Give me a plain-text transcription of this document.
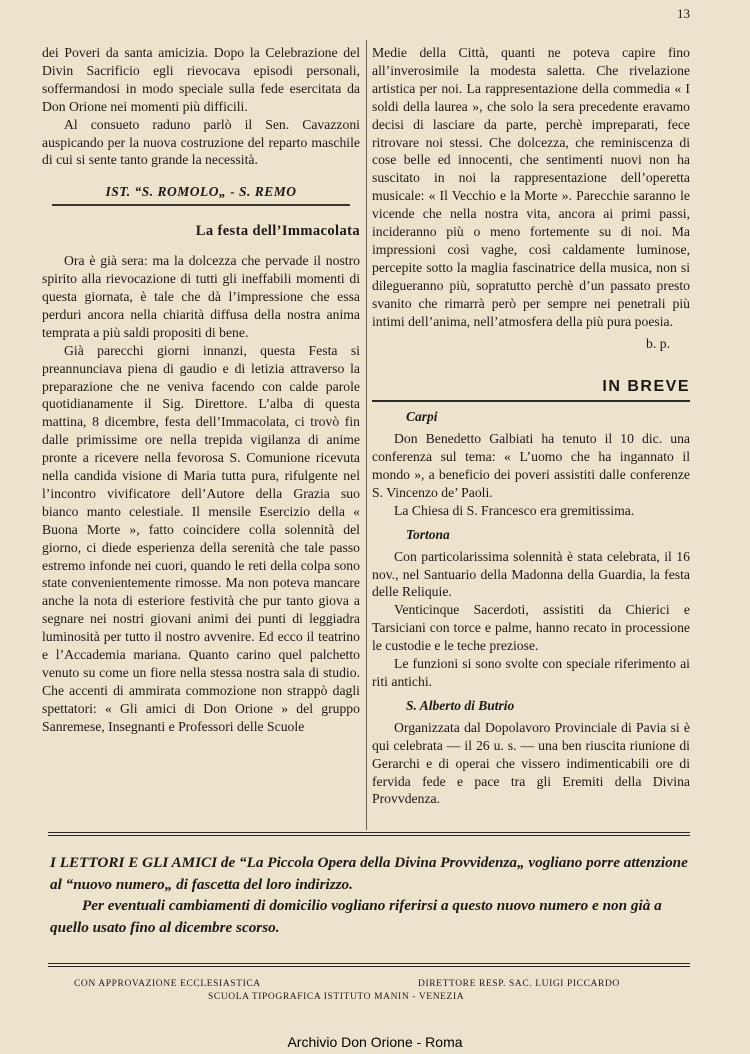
13

dei Poveri da santa amicizia. Dopo la Celebrazione del Divin Sacrificio egli rievocava episodi personali, soffermandosi in modo speciale sulla fede esercitata da Don Orione nei momenti più difficili.

Al consueto raduno parlò il Sen. Cavazzoni auspicando per la nuova costruzione del reparto maschile di cui si sente tanto grande la necessità.

IST. “S. ROMOLO„ - S. REMO
La festa dell’Immacolata

Ora è già sera: ma la dolcezza che pervade il nostro spirito alla rievocazione di tutti gli ineffabili momenti di questa giornata, è tale che dà l’impressione che essa perduri ancora nella chiarità diffusa della nostra anima temprata a più saldi propositi di bene.

Già parecchi giorni innanzi, questa Festa si preannunciava piena di gaudio e di letizia attraverso la preparazione che ne veniva facendo con calde parole quotidianamente il Sig. Direttore. L’alba di questa mattina, 8 dicembre, festa dell’Immacolata, ci trovò fin dalle primissime ore nella trepida vigilanza di anime pronte a ricevere nella fevorosa S. Comunione ricevuta nella candida visione di Maria tutta pura, rifulgente nel l’incontro vivificatore dell’Autore della Grazia suo bianco manto celestiale. Il mensile Esercizio della « Buona Morte », fatto coincidere colla solennità del giorno, ci diede esperienza della serenità che tale passo estremo infonde nei cuori, quando le reti della colpa sono state convenientemente rimosse. Ma non poteva mancare anche la nota di esteriore festività che pur tanto giova a segnare nei nostri giovani animi dei punti di leggiadra luminosità per tutto il nostro avvenire. Ed ecco il teatrino e l’Accademia mariana. Quanto carino quel palchetto venuto su come un fiore nella stessa nostra sala di studio. Che accenti di ammirata commozione non strappò dagli spettatori: « Gli amici di Don Orione » del gruppo Sanremese, Insegnanti e Professori delle Scuole

Medie della Città, quanti ne poteva capire fino all’inverosimile la modesta saletta. Che rivelazione artistica per noi. La rappresentazione della commedia « I soldi della laurea », che solo la sera precedente eravamo decisi di lasciare da parte, perchè impreparati, fece ritrovare noi stessi. Che dolcezza, che reminiscenza di cose belle ed innocenti, che sentimenti nuovi non ha suscitato in noi la rappresentazione dell’operetta musicale: « Il Vecchio e la Morte ». Parecchie saranno le vicende che nella nostra vita, ancora ai primi passi, incideranno più o meno fortemente su di noi. Ma impressioni così vaghe, così caldamente luminose, percepite sotto la maglia fascinatrice della musica, non si dilegueranno più, sopratutto perchè d’un passato presto svanito che rimarrà però per sempre nei penetrali più intimi dell’anima, nell’atmosfera della più pura poesia.

b. p.
IN BREVE
Carpi

Don Benedetto Galbiati ha tenuto il 10 dic. una conferenza sul tema: « L’uomo che ha ingannato il mondo », a beneficio dei poveri assistiti dalle conferenze S. Vincenzo de’ Paoli.

La Chiesa di S. Francesco era gremitissima.

Tortona

Con particolarissima solennità è stata celebrata, il 16 nov., nel Santuario della Madonna della Guardia, la festa delle Reliquie.

Venticinque Sacerdoti, assistiti da Chierici e Tarsiciani con torce e palme, hanno recato in processione le custodie e le teche preziose.

Le funzioni si sono svolte con speciale riferimento ai riti antichi.

S. Alberto di Butrio

Organizzata dal Dopolavoro Provinciale di Pavia si è qui celebrata — il 26 u. s. — una ben riuscita riunione di Gerarchi e di operai che vissero indimenticabili ore di fervida fede e pace tra gli Eremiti della Divina Provvdenza.

I LETTORI E GLI AMICI de “La Piccola Opera della Divina Provvidenza„ vogliano porre attenzione al “nuovo numero„ di fascetta del loro indirizzo.

Per eventuali cambiamenti di domicilio vogliano riferirsi a questo nuovo numero e non già a quello usato fino al dicembre scorso.

CON APPROVAZIONE ECCLESIASTICA	DIRETTORE RESP. SAC. LUIGI PICCARDO
SCUOLA TIPOGRAFICA ISTITUTO MANIN - VENEZIA
Archivio Don Orione - Roma
